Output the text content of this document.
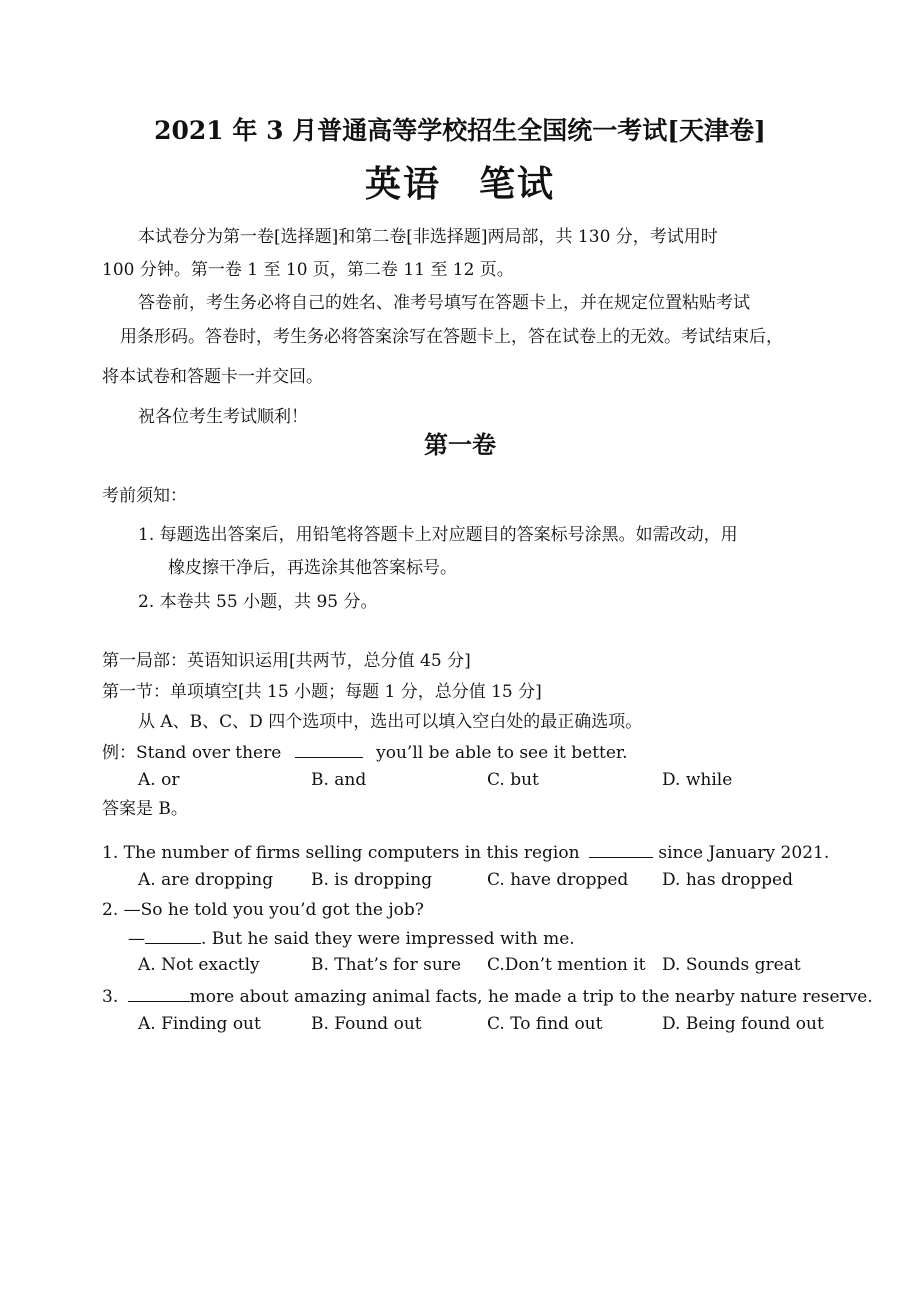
2021 年 3 月普通高等学校招生全国统一考试[天津卷]
英语　笔试
本试卷分为第一卷[选择题]和第二卷[非选择题]两局部，共 130 分，考试用时
100 分钟。第一卷 1 至 10 页，第二卷 11 至 12 页。
答卷前，考生务必将自己的姓名、准考号填写在答题卡上，并在规定位置粘贴考试
用条形码。答卷时，考生务必将答案涂写在答题卡上，答在试卷上的无效。考试结束后，
将本试卷和答题卡一并交回。
祝各位考生考试顺利！
第一卷
考前须知：
1. 每题选出答案后，用铅笔将答题卡上对应题目的答案标号涂黑。如需改动，用
橡皮擦干净后，再选涂其他答案标号。
2. 本卷共 55 小题，共 95 分。
第一局部：英语知识运用[共两节，总分值 45 分]
第一节：单项填空[共 15 小题；每题 1 分，总分值 15 分]
从 A、B、C、D 四个选项中，选出可以填入空白处的最正确选项。
例：Stand over there	you’ll be able to see it better.
A. or	B. and	C. but	D. while
答案是 B。
1. The number of firms selling computers in this region	since January 2021.
A. are dropping B. is dropping	C. have dropped D. has dropped
2. —So he told you you’d got the job?
—	. But he said they were impressed with me.
A. Not exactly	B. That’s for sure C.Don’t mention it D. Sounds great
3.	more about amazing animal facts, he made a trip to the nearby nature reserve.
A. Finding out	B. Found out	C. To find out	D. Being found out
